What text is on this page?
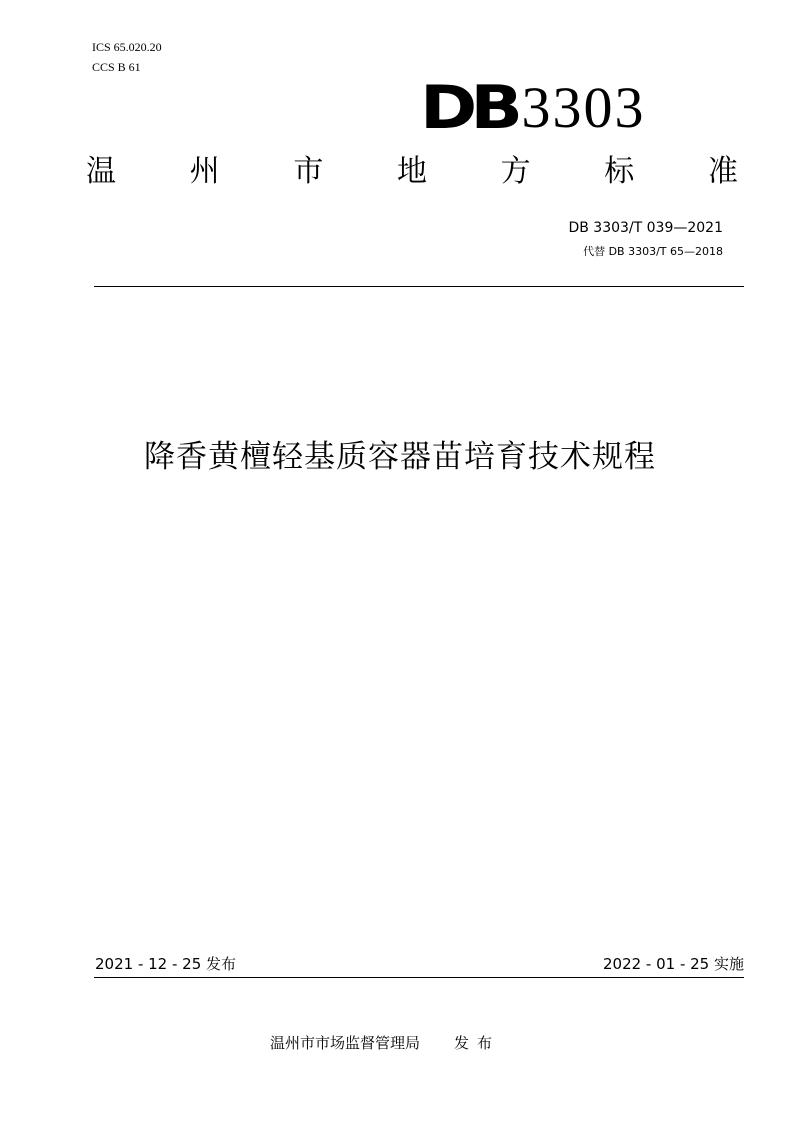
ICS 65.020.20
CCS B 61
DB 3303
温 州 市 地 方 标 准
DB 3303/T 039—2021
代替 DB 3303/T 65—2018
降香黄檀轻基质容器苗培育技术规程
2021 - 12 - 25 发布	2022 - 01 - 25 实施
温州市市场监督管理局 发布
